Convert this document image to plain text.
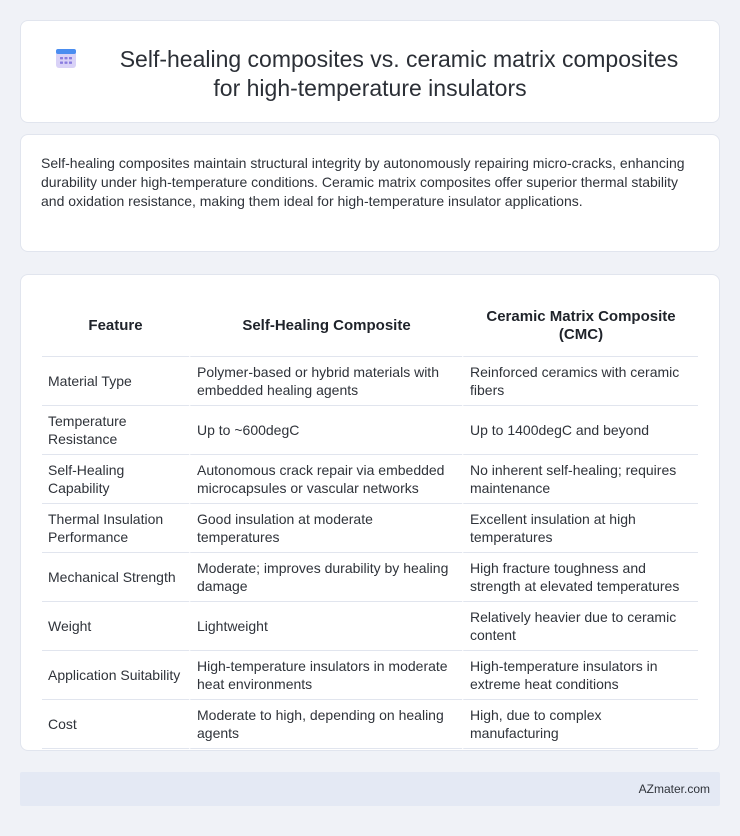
Self-healing composites vs. ceramic matrix composites
for high-temperature insulators

Self-healing composites maintain structural integrity by autonomously repairing micro-cracks, enhancing durability under high-temperature conditions. Ceramic matrix composites offer superior thermal stability and oxidation resistance, making them ideal for high-temperature insulator applications.

Feature	Self-Healing Composite	Ceramic Matrix Composite (CMC)
Material Type	Polymer-based or hybrid materials with embedded healing agents	Reinforced ceramics with ceramic fibers
Temperature Resistance	Up to ~600degC	Up to 1400degC and beyond
Self-Healing Capability	Autonomous crack repair via embedded microcapsules or vascular networks	No inherent self-healing; requires maintenance
Thermal Insulation Performance	Good insulation at moderate temperatures	Excellent insulation at high temperatures
Mechanical Strength	Moderate; improves durability by healing damage	High fracture toughness and strength at elevated temperatures
Weight	Lightweight	Relatively heavier due to ceramic content
Application Suitability	High-temperature insulators in moderate heat environments	High-temperature insulators in extreme heat conditions
Cost	Moderate to high, depending on healing agents	High, due to complex manufacturing
AZmater.com
